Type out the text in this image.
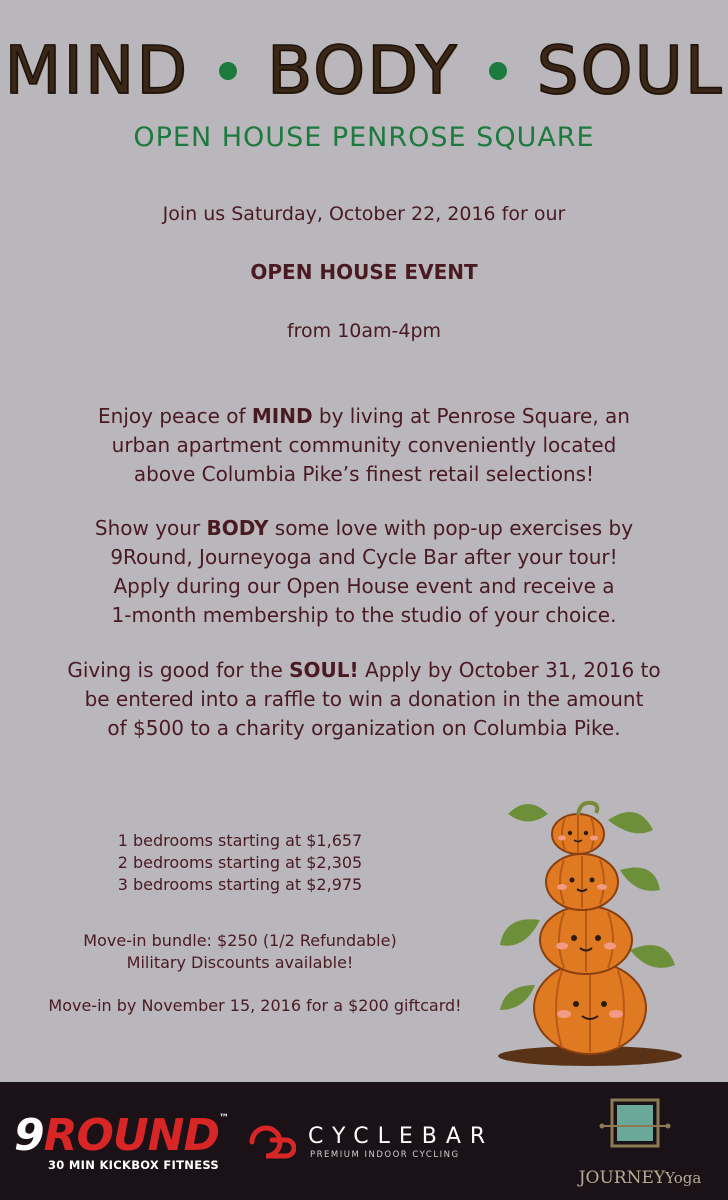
MIND BODY SOUL
OPEN HOUSE PENROSE SQUARE
Join us Saturday, October 22, 2016 for our
OPEN HOUSE EVENT
from 10am-4pm
Enjoy peace of MIND by living at Penrose Square, an
urban apartment community conveniently located
above Columbia Pike’s finest retail selections!
Show your BODY some love with pop-up exercises by
9Round, Journeyoga and Cycle Bar after your tour!
Apply during our Open House event and receive a
1-month membership to the studio of your choice.
Giving is good for the SOUL! Apply by October 31, 2016 to
be entered into a raffle to win a donation in the amount
of $500 to a charity organization on Columbia Pike.
1 bedrooms starting at $1,657
2 bedrooms starting at $2,305
3 bedrooms starting at $2,975
Move-in bundle: $250 (1/2 Refundable)
Military Discounts available!
Move-in by November 15, 2016 for a $200 giftcard!
9ROUND™
30 MIN KICKBOX FITNESS
CYCLEBAR
PREMIUM INDOOR CYCLING
JOURNEYYoga
